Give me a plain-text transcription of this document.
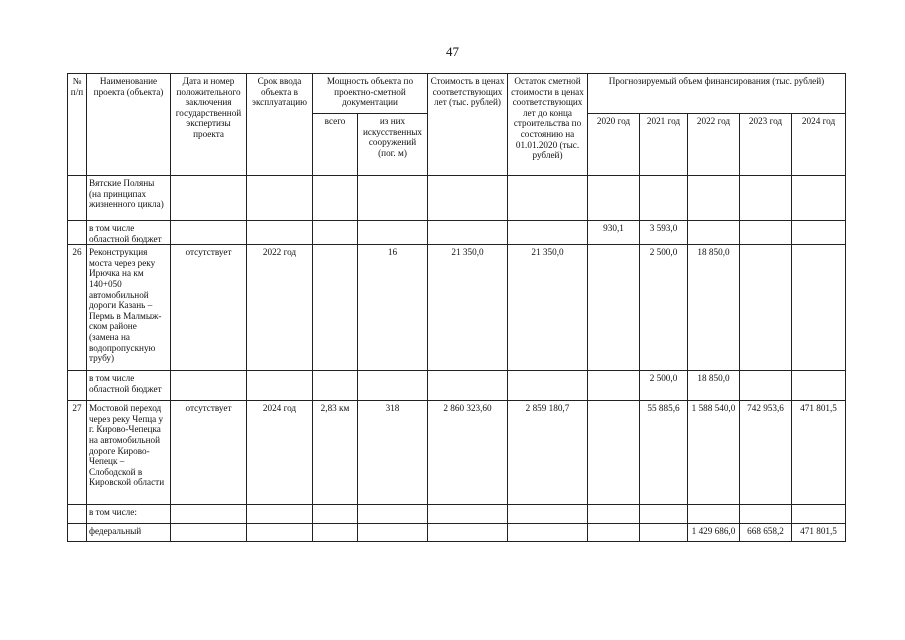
47
№ п/п	Наименование проекта (объекта)	Дата и номер положительного заключения государственной экспертизы проекта	Срок ввода объекта в эксплуатацию	Мощность объекта по проектно-сметной документации		Стоимость в ценах соответствующих лет (тыс. рублей)	Остаток сметной стоимости в ценах соответствующих лет до конца строительства по состоянию на 01.01.2020 (тыс. рублей)	Прогнозируемый объем финансирования (тыс. рублей)				
				всего	из них искусственных сооружений (пог. м)			2020 год	2021 год	2022 год	2023 год	2024 год
	Вятские Поляны (на принципах жизненного цикла)											
	в том числе областной бюджет							930,1	3 593,0			
26	Реконструкция моста через реку Ирючка на км 140+050 автомобильной дороги Казань – Пермь в Малмыж-ском районе (замена на водопропускную трубу)	отсутствует	2022 год		16	21 350,0	21 350,0		2 500,0	18 850,0		
	в том числе областной бюджет								2 500,0	18 850,0		
27	Мостовой переход через реку Чепца у г. Кирово-Чепецка на автомобильной дороге Кирово-Чепецк – Слободской в Кировской области	отсутствует	2024 год	2,83 км	318	2 860 323,60	2 859 180,7		55 885,6	1 588 540,0	742 953,6	471 801,5
	в том числе:											
	федеральный									1 429 686,0	668 658,2	471 801,5
